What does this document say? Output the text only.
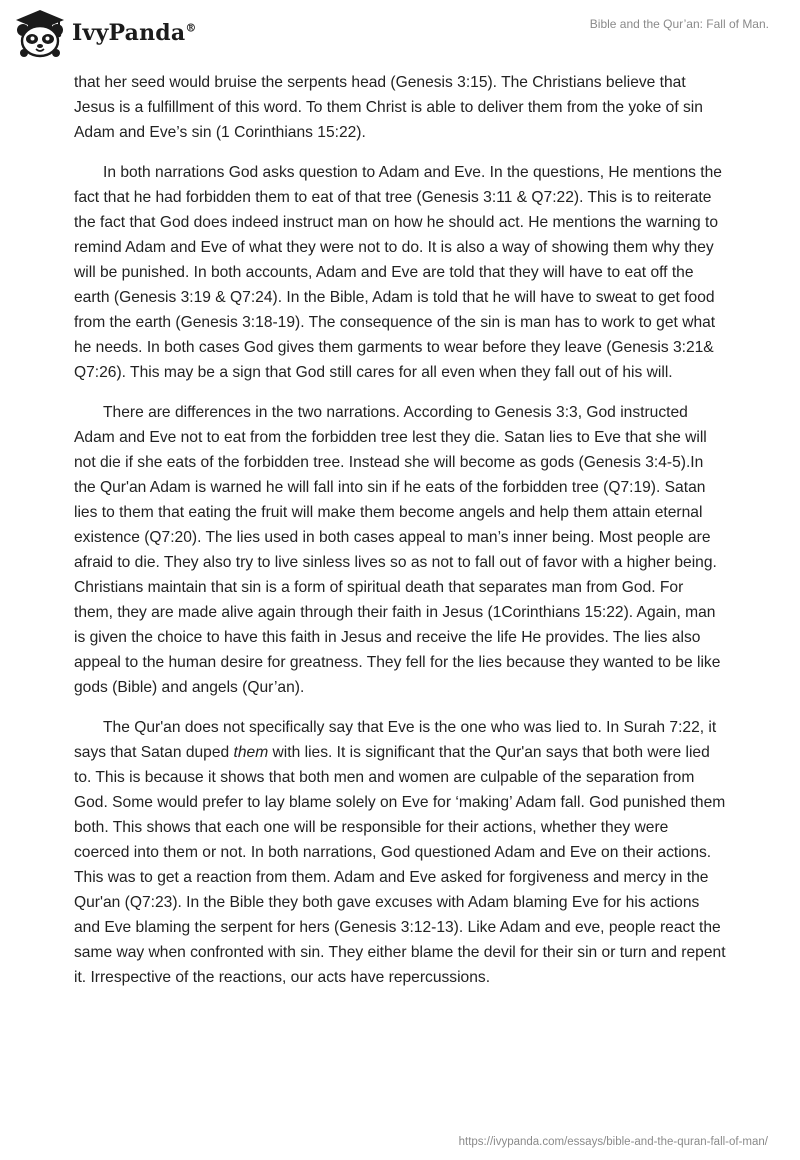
IvyPanda®	Bible and the Qur’an: Fall of Man.

that her seed would bruise the serpents head (Genesis 3:15). The Christians believe that Jesus is a fulfillment of this word. To them Christ is able to deliver them from the yoke of sin Adam and Eve’s sin (1 Corinthians 15:22).

In both narrations God asks question to Adam and Eve. In the questions, He mentions the fact that he had forbidden them to eat of that tree (Genesis 3:11 & Q7:22). This is to reiterate the fact that God does indeed instruct man on how he should act. He mentions the warning to remind Adam and Eve of what they were not to do. It is also a way of showing them why they will be punished. In both accounts, Adam and Eve are told that they will have to eat off the earth (Genesis 3:19 & Q7:24). In the Bible, Adam is told that he will have to sweat to get food from the earth (Genesis 3:18-19). The consequence of the sin is man has to work to get what he needs. In both cases God gives them garments to wear before they leave (Genesis 3:21& Q7:26). This may be a sign that God still cares for all even when they fall out of his will.

There are differences in the two narrations. According to Genesis 3:3, God instructed Adam and Eve not to eat from the forbidden tree lest they die. Satan lies to Eve that she will not die if she eats of the forbidden tree. Instead she will become as gods (Genesis 3:4-5).In the Qur'an Adam is warned he will fall into sin if he eats of the forbidden tree (Q7:19). Satan lies to them that eating the fruit will make them become angels and help them attain eternal existence (Q7:20). The lies used in both cases appeal to man’s inner being. Most people are afraid to die. They also try to live sinless lives so as not to fall out of favor with a higher being. Christians maintain that sin is a form of spiritual death that separates man from God. For them, they are made alive again through their faith in Jesus (1Corinthians 15:22). Again, man is given the choice to have this faith in Jesus and receive the life He provides. The lies also appeal to the human desire for greatness. They fell for the lies because they wanted to be like gods (Bible) and angels (Qur’an).

The Qur'an does not specifically say that Eve is the one who was lied to. In Surah 7:22, it says that Satan duped them with lies. It is significant that the Qur'an says that both were lied to. This is because it shows that both men and women are culpable of the separation from God. Some would prefer to lay blame solely on Eve for ‘making’ Adam fall. God punished them both. This shows that each one will be responsible for their actions, whether they were coerced into them or not. In both narrations, God questioned Adam and Eve on their actions. This was to get a reaction from them. Adam and Eve asked for forgiveness and mercy in the Qur'an (Q7:23). In the Bible they both gave excuses with Adam blaming Eve for his actions and Eve blaming the serpent for hers (Genesis 3:12-13). Like Adam and eve, people react the same way when confronted with sin. They either blame the devil for their sin or turn and repent it. Irrespective of the reactions, our acts have repercussions.

https://ivypanda.com/essays/bible-and-the-quran-fall-of-man/
